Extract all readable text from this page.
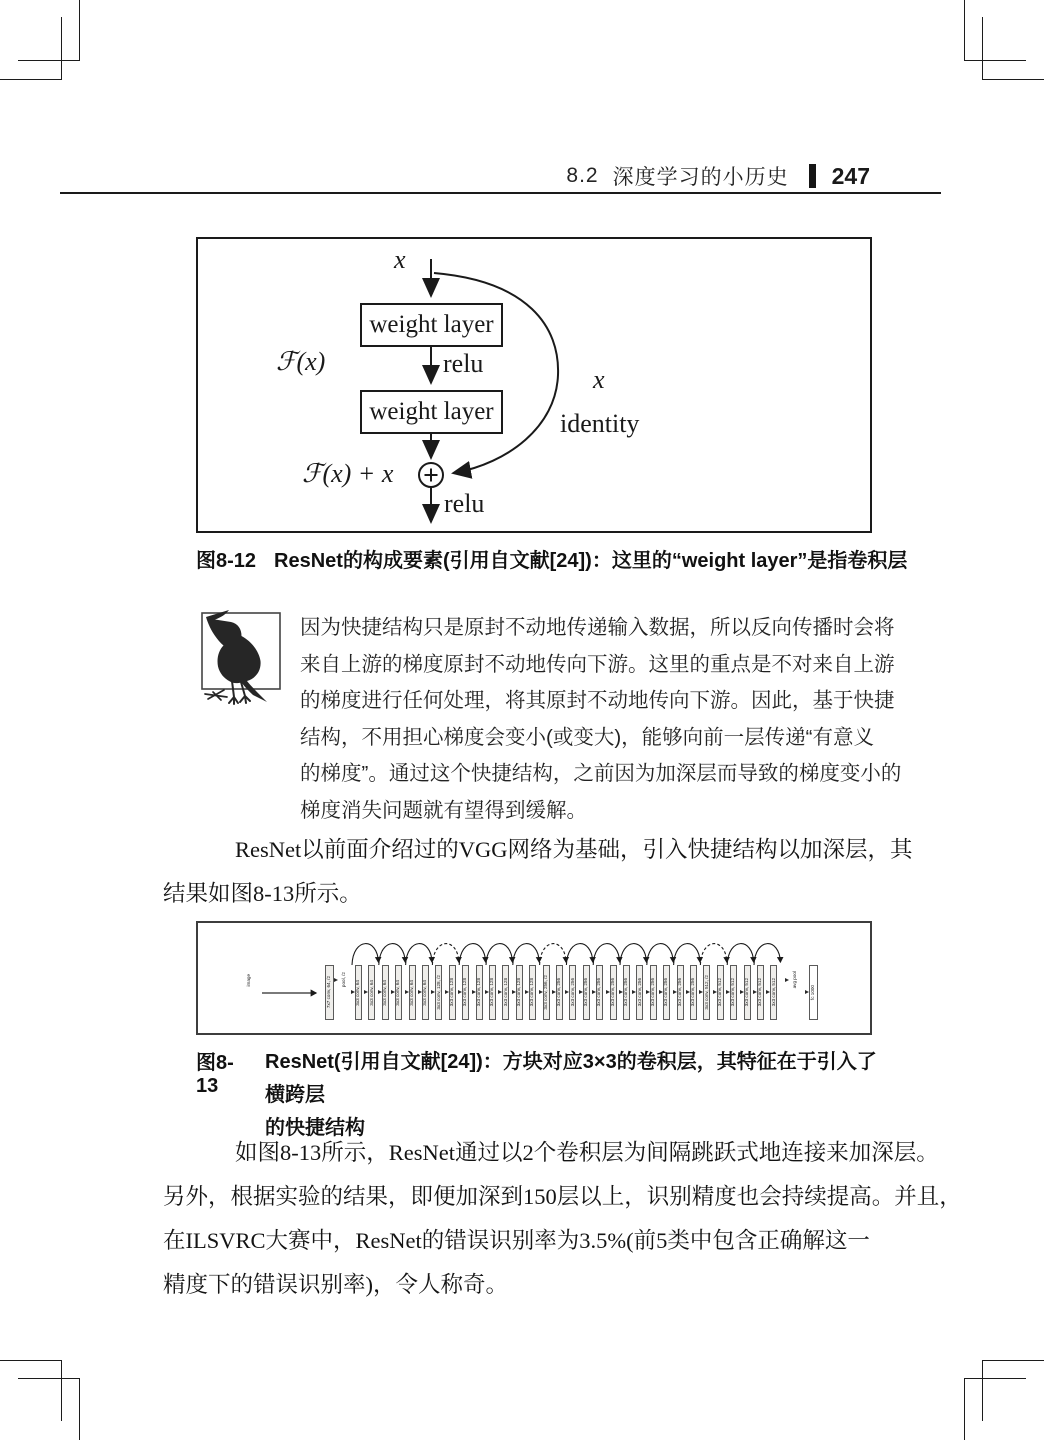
8.2 深度学习的小历史 247
x
weight layer
relu
weight layer
ℱ(x)
ℱ(x) + x
relu
x
identity
图8-12 ResNet的构成要素(引用自文献[24])：这里的“weight layer”是指卷积层
因为快捷结构只是原封不动地传递输入数据，所以反向传播时会将
来自上游的梯度原封不动地传向下游。这里的重点是不对来自上游
的梯度进行任何处理，将其原封不动地传向下游。因此，基于快捷
结构，不用担心梯度会变小(或变大)，能够向前一层传递“有意义
的梯度”。通过这个快捷结构，之前因为加深层而导致的梯度变小的
梯度消失问题就有望得到缓解。
ResNet以前面介绍过的VGG网络为基础，引入快捷结构以加深层，其
结果如图8-13所示。
image	7x7 conv, 64, /2 pool, /2 3x3 conv, 64 3x3 conv, 64 3x3 conv, 64 3x3 conv, 64 3x3 conv, 64 3x3 conv, 64 3x3 conv, 128, /2 3x3 conv, 128 3x3 conv, 128 3x3 conv, 128 3x3 conv, 128 3x3 conv, 128 3x3 conv, 128 3x3 conv, 128 3x3 conv, 256, /2 3x3 conv, 256 3x3 conv, 256 3x3 conv, 256 3x3 conv, 256 3x3 conv, 256 3x3 conv, 256 3x3 conv, 256 3x3 conv, 256 3x3 conv, 256 3x3 conv, 256 3x3 conv, 256 3x3 conv, 512, /2 3x3 conv, 512 3x3 conv, 512 3x3 conv, 512 3x3 conv, 512 3x3 conv, 512	avg pool
fc 1000
图8-13
ResNet(引用自文献[24])：方块对应3×3的卷积层，其特征在于引入了横跨层
的快捷结构
如图8-13所示，ResNet通过以2个卷积层为间隔跳跃式地连接来加深层。
另外，根据实验的结果，即便加深到150层以上，识别精度也会持续提高。并且，
在ILSVRC大赛中，ResNet的错误识别率为3.5%(前5类中包含正确解这一
精度下的错误识别率)，令人称奇。
